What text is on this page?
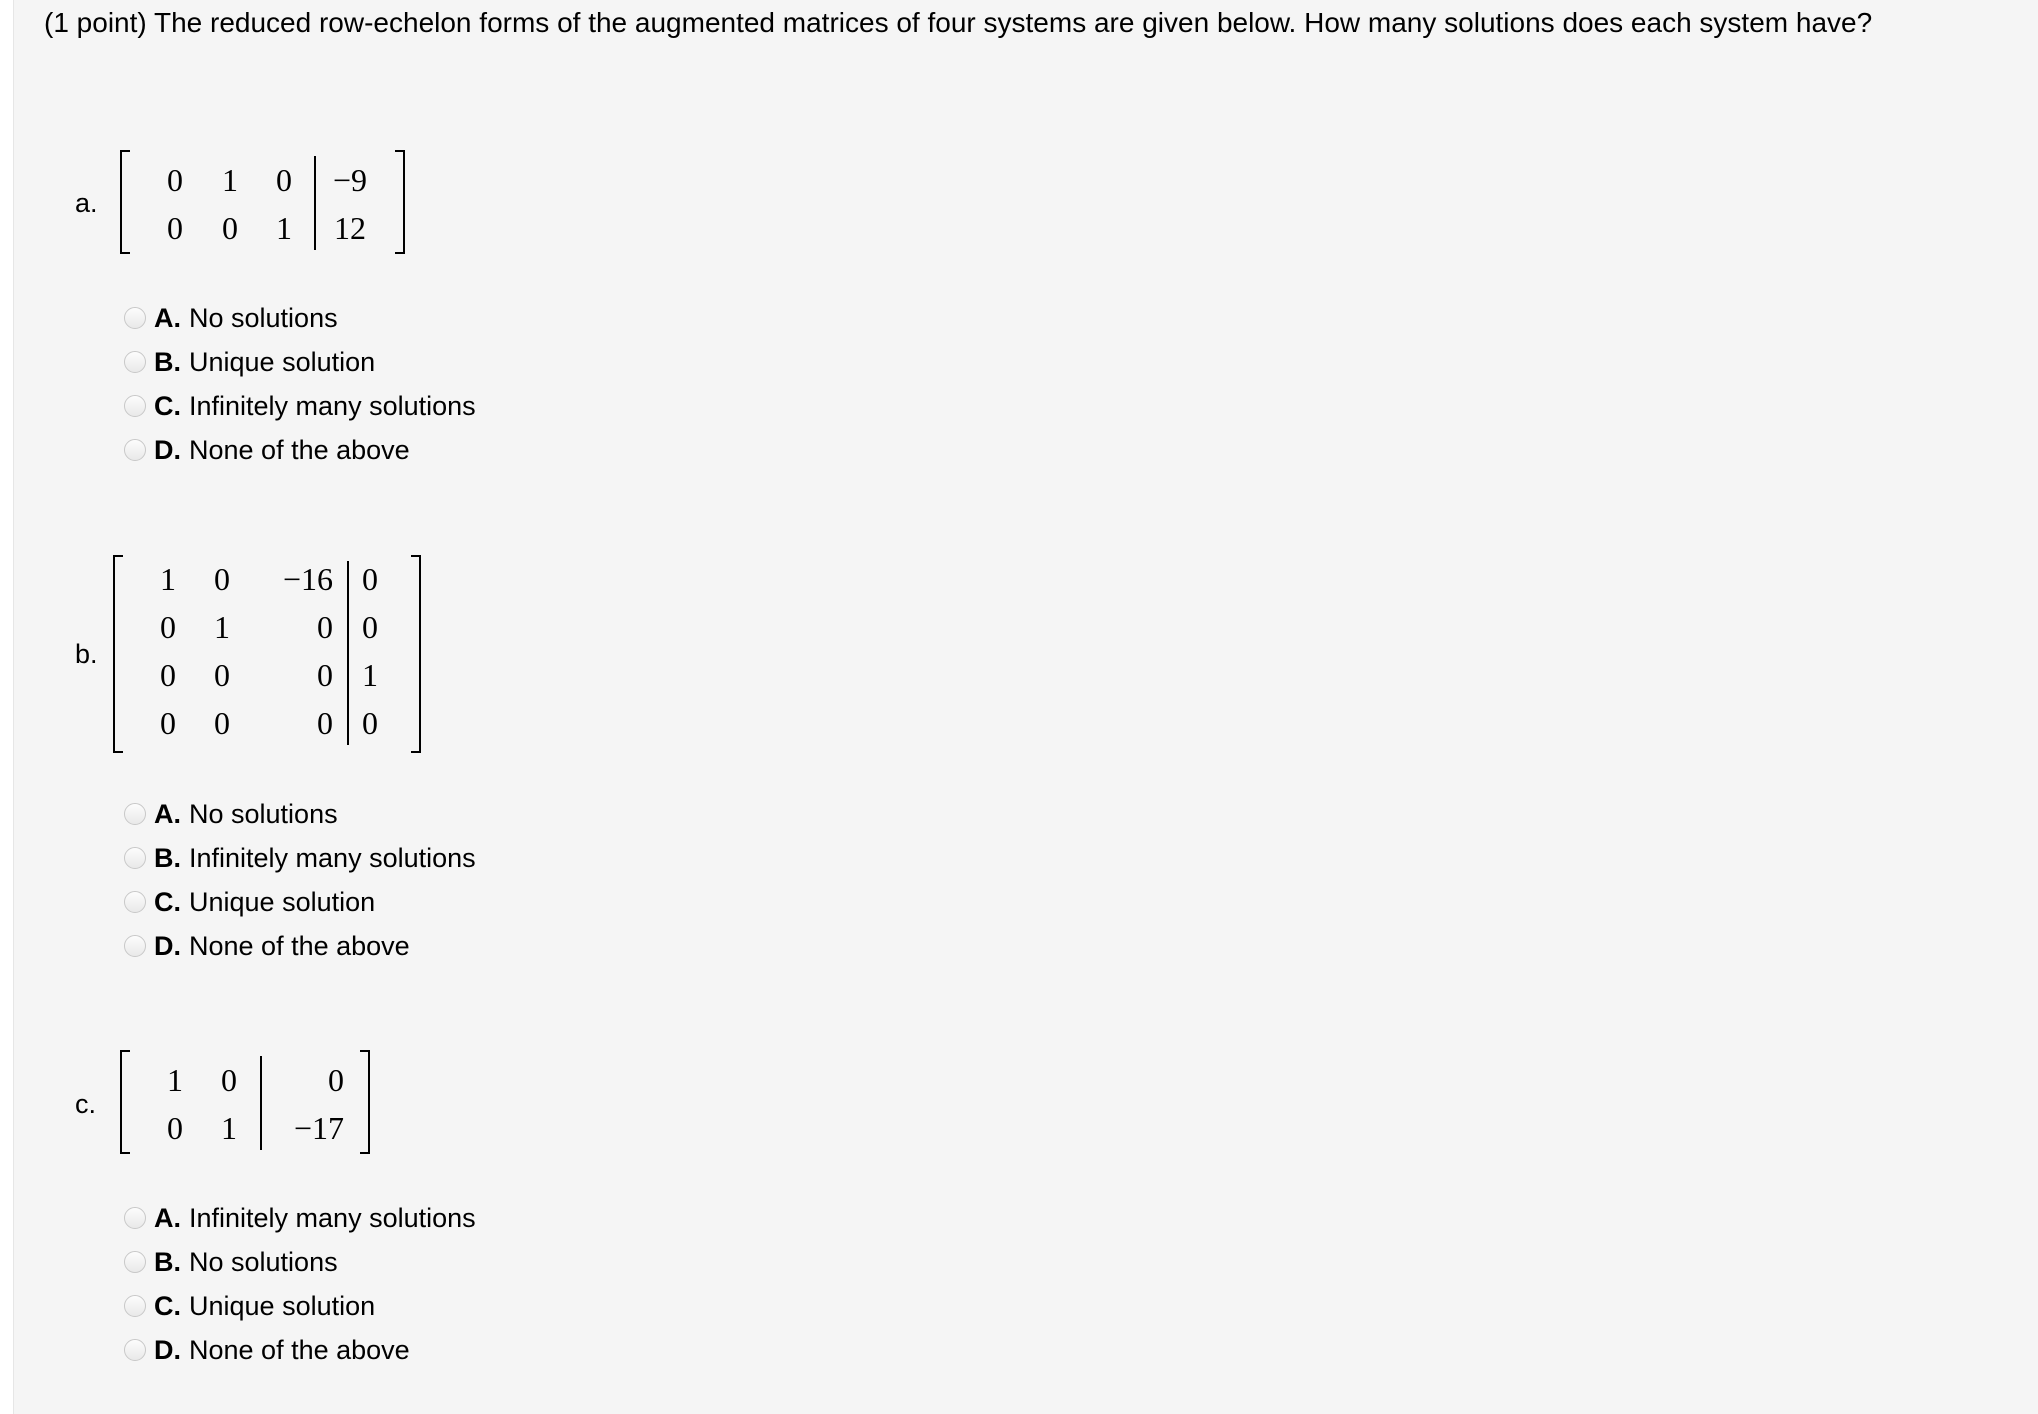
(1 point) The reduced row-echelon forms of the augmented matrices of four systems are given below. How many solutions does each system have?
a.
0 1 0	−9
0 0 1	12
A. No solutions
B. Unique solution
C. Infinitely many solutions
D. None of the above
b.
1 0	−16 0
0 1	0 0
0 0	0 1
0 0	0 0
A. No solutions
B. Infinitely many solutions
C. Unique solution
D. None of the above
c.
1 0	0
0 1	−17
A. Infinitely many solutions
B. No solutions
C. Unique solution
D. None of the above
